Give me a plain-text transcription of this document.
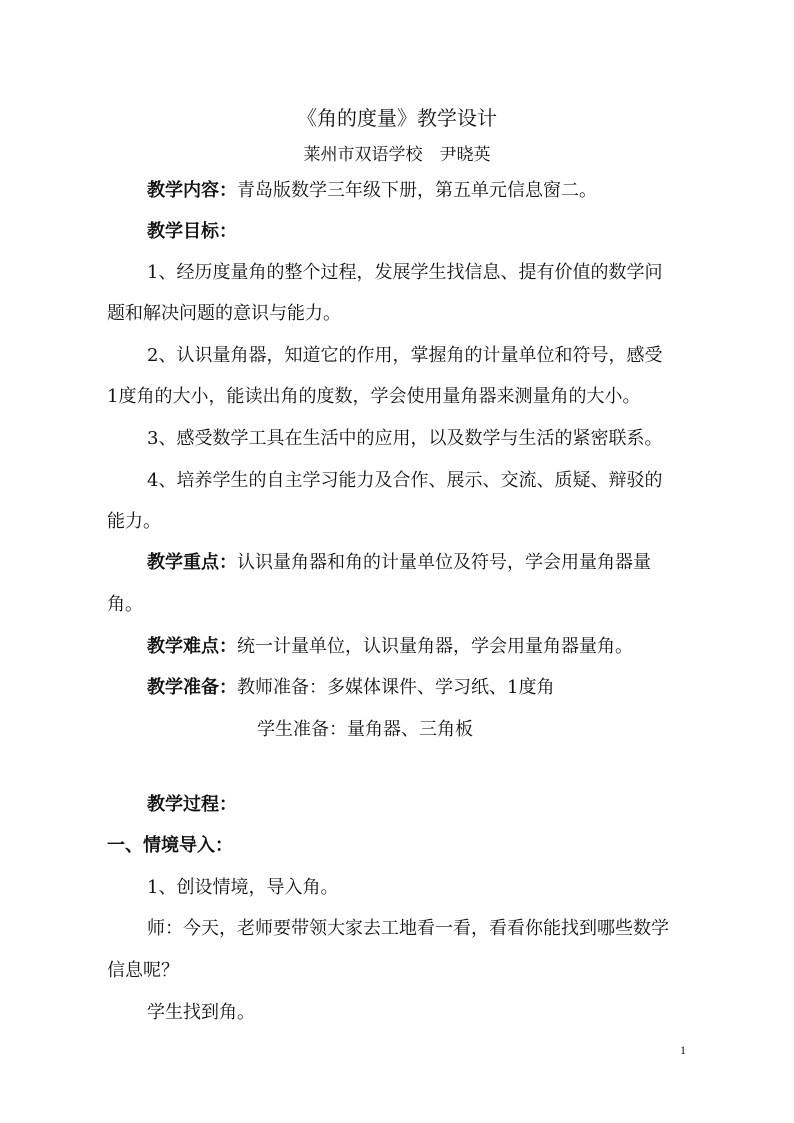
《角的度量》教学设计
莱州市双语学校　尹晓英
教学内容：青岛版数学三年级下册，第五单元信息窗二。
教学目标：
1、经历度量角的整个过程，发展学生找信息、提有价值的数学问
题和解决问题的意识与能力。
2、认识量角器，知道它的作用，掌握角的计量单位和符号，感受
1度角的大小，能读出角的度数，学会使用量角器来测量角的大小。
3、感受数学工具在生活中的应用，以及数学与生活的紧密联系。
4、培养学生的自主学习能力及合作、展示、交流、质疑、辩驳的
能力。
教学重点：认识量角器和角的计量单位及符号，学会用量角器量
角。
教学难点：统一计量单位，认识量角器，学会用量角器量角。
教学准备：教师准备：多媒体课件、学习纸、1度角
学生准备：量角器、三角板
教学过程：
一、情境导入：
1、创设情境，导入角。
师：今天，老师要带领大家去工地看一看，看看你能找到哪些数学
信息呢？
学生找到角。
1
